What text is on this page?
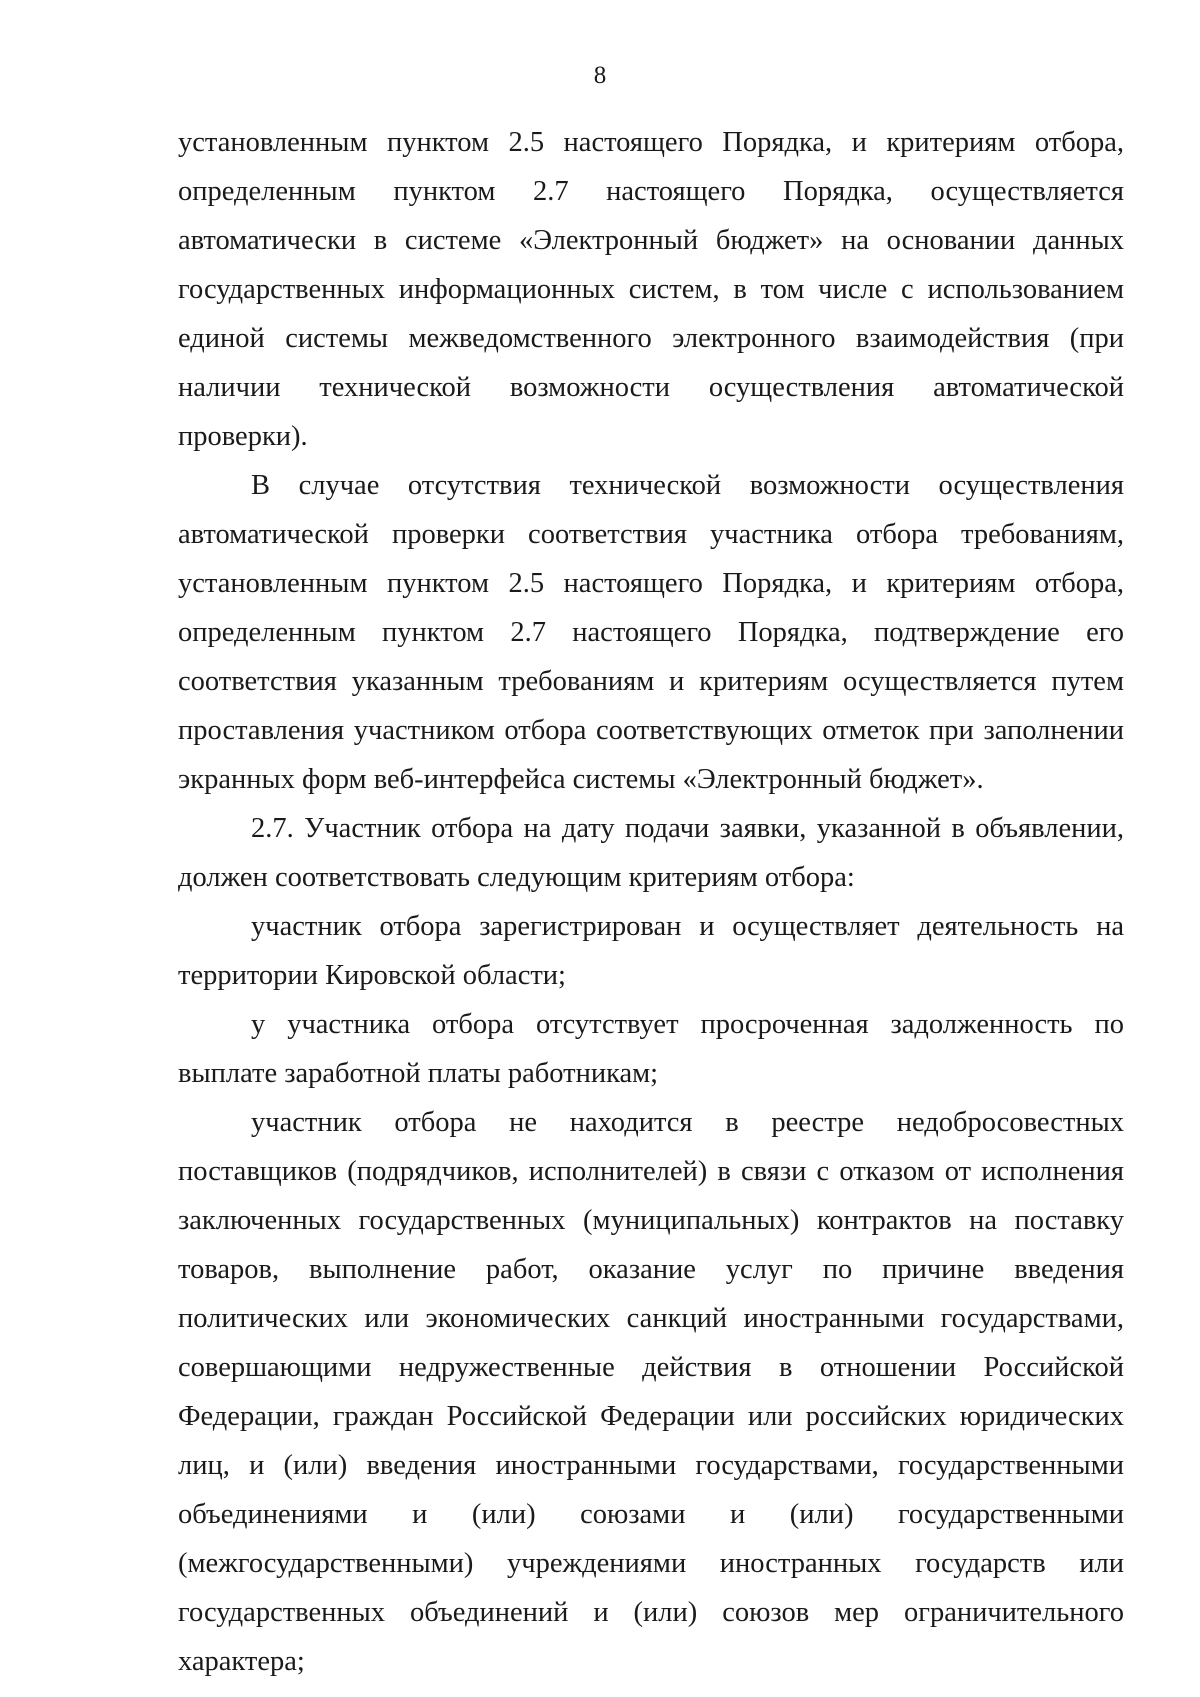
8

установленным пунктом 2.5 настоящего Порядка, и критериям отбора, определенным пунктом 2.7 настоящего Порядка, осуществляется автоматически в системе «Электронный бюджет» на основании данных государственных информационных систем, в том числе с использованием единой системы межведомственного электронного взаимодействия (при наличии технической возможности осуществления автоматической проверки).

В случае отсутствия технической возможности осуществления автоматической проверки соответствия участника отбора требованиям, установленным пунктом 2.5 настоящего Порядка, и критериям отбора, определенным пунктом 2.7 настоящего Порядка, подтверждение его соответствия указанным требованиям и критериям осуществляется путем проставления участником отбора соответствующих отметок при заполнении экранных форм веб-интерфейса системы «Электронный бюджет».

2.7. Участник отбора на дату подачи заявки, указанной в объявлении, должен соответствовать следующим критериям отбора:

участник отбора зарегистрирован и осуществляет деятельность на территории Кировской области;

у участника отбора отсутствует просроченная задолженность по выплате заработной платы работникам;

участник отбора не находится в реестре недобросовестных поставщиков (подрядчиков, исполнителей) в связи с отказом от исполнения заключенных государственных (муниципальных) контрактов на поставку товаров, выполнение работ, оказание услуг по причине введения политических или экономических санкций иностранными государствами, совершающими недружественные действия в отношении Российской Федерации, граждан Российской Федерации или российских юридических лиц, и (или) введения иностранными государствами, государственными объединениями и (или) союзами и (или) государственными (межгосударственными) учреждениями иностранных государств или государственных объединений и (или) союзов мер ограничительного характера;
